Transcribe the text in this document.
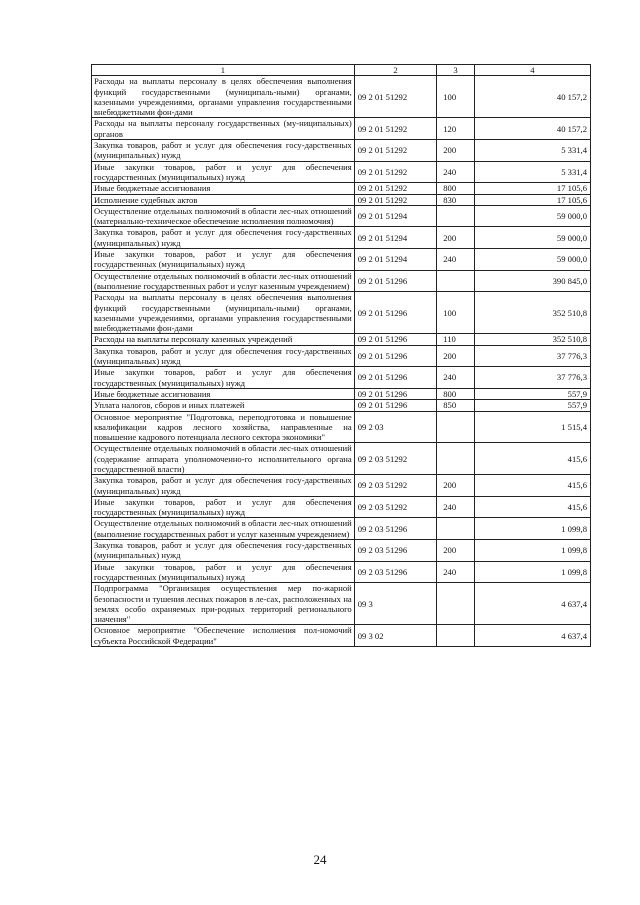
1	2	3	4
Расходы на выплаты персоналу в целях обеспечения выполнения функций государственными (муниципаль-ными) органами, казенными учреждениями, органами управления государственными внебюджетными фон-дами	09 2 01 51292	100	40 157,2
Расходы на выплаты персоналу государственных (му-ниципальных) органов	09 2 01 51292	120	40 157,2
Закупка товаров, работ и услуг для обеспечения госу-дарственных (муниципальных) нужд	09 2 01 51292	200	5 331,4
Иные закупки товаров, работ и услуг для обеспечения государственных (муниципальных) нужд	09 2 01 51292	240	5 331,4
Иные бюджетные ассигнования	09 2 01 51292	800	17 105,6
Исполнение судебных актов	09 2 01 51292	830	17 105,6
Осуществление отдельных полномочий в области лес-ных отношений (материально-техническое обеспечение исполнения полномочия)	09 2 01 51294		59 000,0
Закупка товаров, работ и услуг для обеспечения госу-дарственных (муниципальных) нужд	09 2 01 51294	200	59 000,0
Иные закупки товаров, работ и услуг для обеспечения государственных (муниципальных) нужд	09 2 01 51294	240	59 000,0
Осуществление отдельных полномочий в области лес-ных отношений (выполнение государственных работ и услуг казенным учреждением)	09 2 01 51296		390 845,0
Расходы на выплаты персоналу в целях обеспечения выполнения функций государственными (муниципаль-ными) органами, казенными учреждениями, органами управления государственными внебюджетными фон-дами	09 2 01 51296	100	352 510,8
Расходы на выплаты персоналу казенных учреждений	09 2 01 51296	110	352 510,8
Закупка товаров, работ и услуг для обеспечения госу-дарственных (муниципальных) нужд	09 2 01 51296	200	37 776,3
Иные закупки товаров, работ и услуг для обеспечения государственных (муниципальных) нужд	09 2 01 51296	240	37 776,3
Иные бюджетные ассигнования	09 2 01 51296	800	557,9
Уплата налогов, сборов и иных платежей	09 2 01 51296	850	557,9
Основное мероприятие "Подготовка, переподготовка и повышение квалификации кадров лесного хозяйства, направленные на повышение кадрового потенциала лесного сектора экономики"	09 2 03		1 515,4
Осуществление отдельных полномочий в области лес-ных отношений (содержание аппарата уполномоченно-го исполнительного органа государственной власти)	09 2 03 51292		415,6
Закупка товаров, работ и услуг для обеспечения госу-дарственных (муниципальных) нужд	09 2 03 51292	200	415,6
Иные закупки товаров, работ и услуг для обеспечения государственных (муниципальных) нужд	09 2 03 51292	240	415,6
Осуществление отдельных полномочий в области лес-ных отношений (выполнение государственных работ и услуг казенным учреждением)	09 2 03 51296		1 099,8
Закупка товаров, работ и услуг для обеспечения госу-дарственных (муниципальных) нужд	09 2 03 51296	200	1 099,8
Иные закупки товаров, работ и услуг для обеспечения государственных (муниципальных) нужд	09 2 03 51296	240	1 099,8
Подпрограмма "Организация осуществления мер по-жарной безопасности и тушения лесных пожаров в ле-сах, расположенных на землях особо охраняемых при-родных территорий регионального значения"	09 3		4 637,4
Основное мероприятие "Обеспечение исполнения пол-номочий субъекта Российской Федерации"	09 3 02		4 637,4
24
